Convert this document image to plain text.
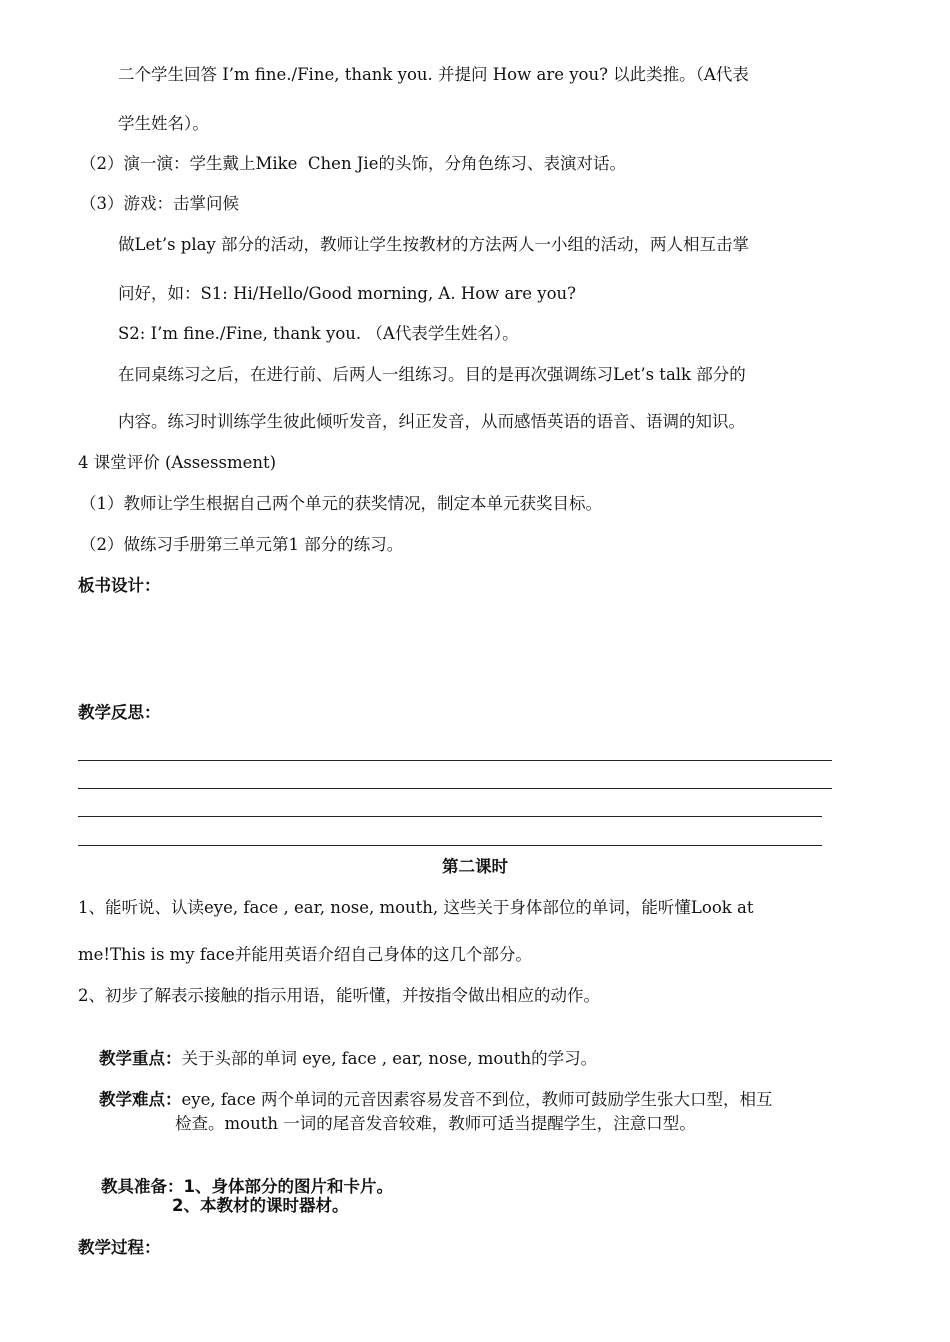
二个学生回答 I’m fine./Fine, thank you. 并提问 How are you? 以此类推。（A代表
学生姓名）。
（2）演一演：学生戴上Mike  Chen Jie的头饰，分角色练习、表演对话。
（3）游戏：击掌问候
做Let’s play 部分的活动，教师让学生按教材的方法两人一小组的活动，两人相互击掌
问好，如：S1: Hi/Hello/Good morning, A. How are you?
S2: I’m fine./Fine, thank you. （A代表学生姓名）。
在同桌练习之后，在进行前、后两人一组练习。目的是再次强调练习Let’s talk 部分的
内容。练习时训练学生彼此倾听发音，纠正发音，从而感悟英语的语音、语调的知识。
4 课堂评价 (Assessment)
（1）教师让学生根据自己两个单元的获奖情况，制定本单元获奖目标。
（2）做练习手册第三单元第1 部分的练习。
板书设计：
教学反思：
第二课时
1、能听说、认读eye, face , ear, nose, mouth, 这些关于身体部位的单词，能听懂Look at
me!This is my face并能用英语介绍自己身体的这几个部分。
2、初步了解表示接触的指示用语，能听懂，并按指令做出相应的动作。

教学重点：关于头部的单词 eye, face , ear, nose, mouth的学习。

教学难点：eye, face 两个单词的元音因素容易发音不到位，教师可鼓励学生张大口型，相互

检查。mouth 一词的尾音发音较难，教师可适当提醒学生，注意口型。

教具准备：1、身体部分的图片和卡片。

2、本教材的课时器材。
教学过程：
